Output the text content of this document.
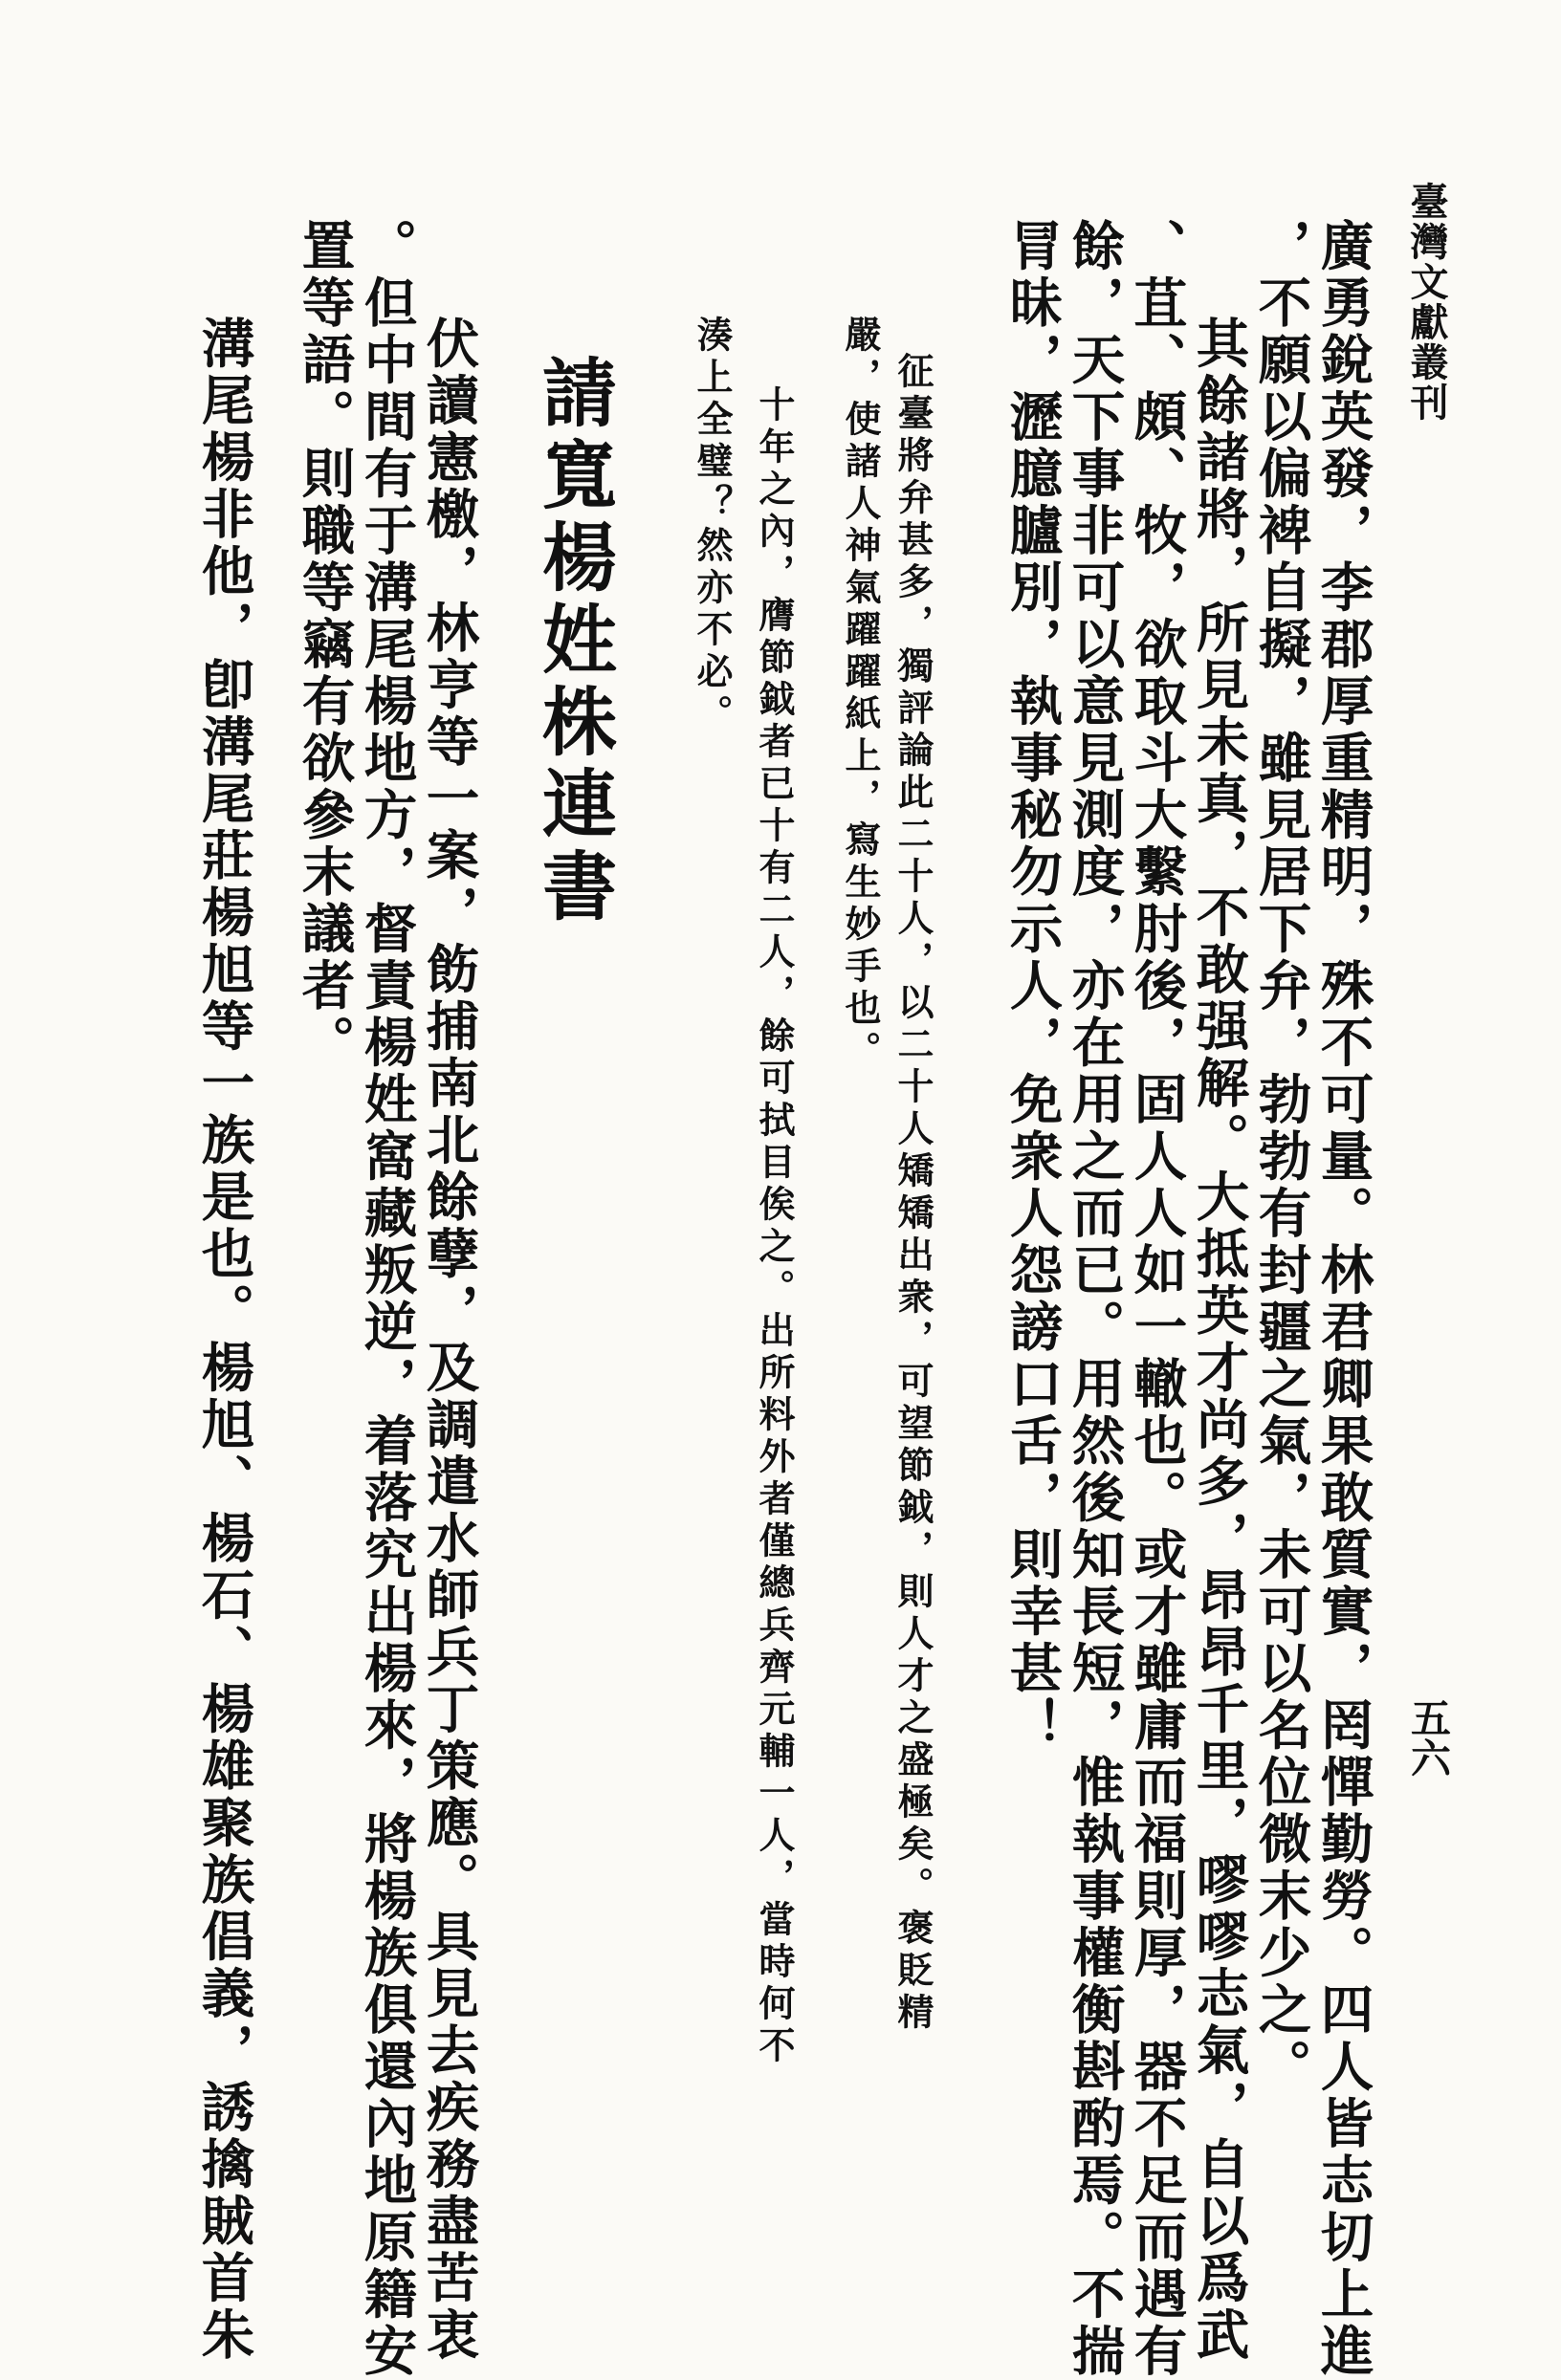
臺灣文獻叢刊
五六
廣勇銳英發，李郡厚重精明，殊不可量。林君卿果敢質實，罔憚勤勞。四人皆志切上進
，不願以偏裨自擬，雖見居下弁，勃勃有封疆之氣，未可以名位微末少之。
其餘諸將，所見未真，不敢强解。大抵英才尚多，昂昂千里，嘐嘐志氣，自以爲武
、苴、頗、牧，欲取斗大繫肘後，固人人如一轍也。或才雖庸而福則厚，器不足而遇有
餘，天下事非可以意見測度，亦在用之而已。用然後知長短，惟執事權衡斟酌焉。不揣
冐昧，瀝臆臚別，執事秘勿示人，免衆人怨謗口舌，則幸甚！
征臺將弁甚多，獨評論此二十人，以二十人矯矯出衆，可望節鉞，則人才之盛極矣。褒貶精
嚴，使諸人神氣躍躍紙上，寫生妙手也。
十年之內，膺節鉞者已十有二人，餘可拭目俟之。出所料外者僅總兵齊元輔一人，當時何不
湊上全璧？然亦不必。
請寬楊姓株連書
伏讀憲檄，林亨等一案，飭捕南北餘孽，及調遣水師兵丁策應。具見去疾務盡苦衷
。但中間有于溝尾楊地方，督責楊姓窩藏叛逆，着落究出楊來，將楊族俱還內地原籍安
置等語。則職等竊有欲參末議者。
溝尾楊非他，卽溝尾莊楊旭等一族是也。楊旭、楊石、楊雄聚族倡義，誘擒賊首朱
